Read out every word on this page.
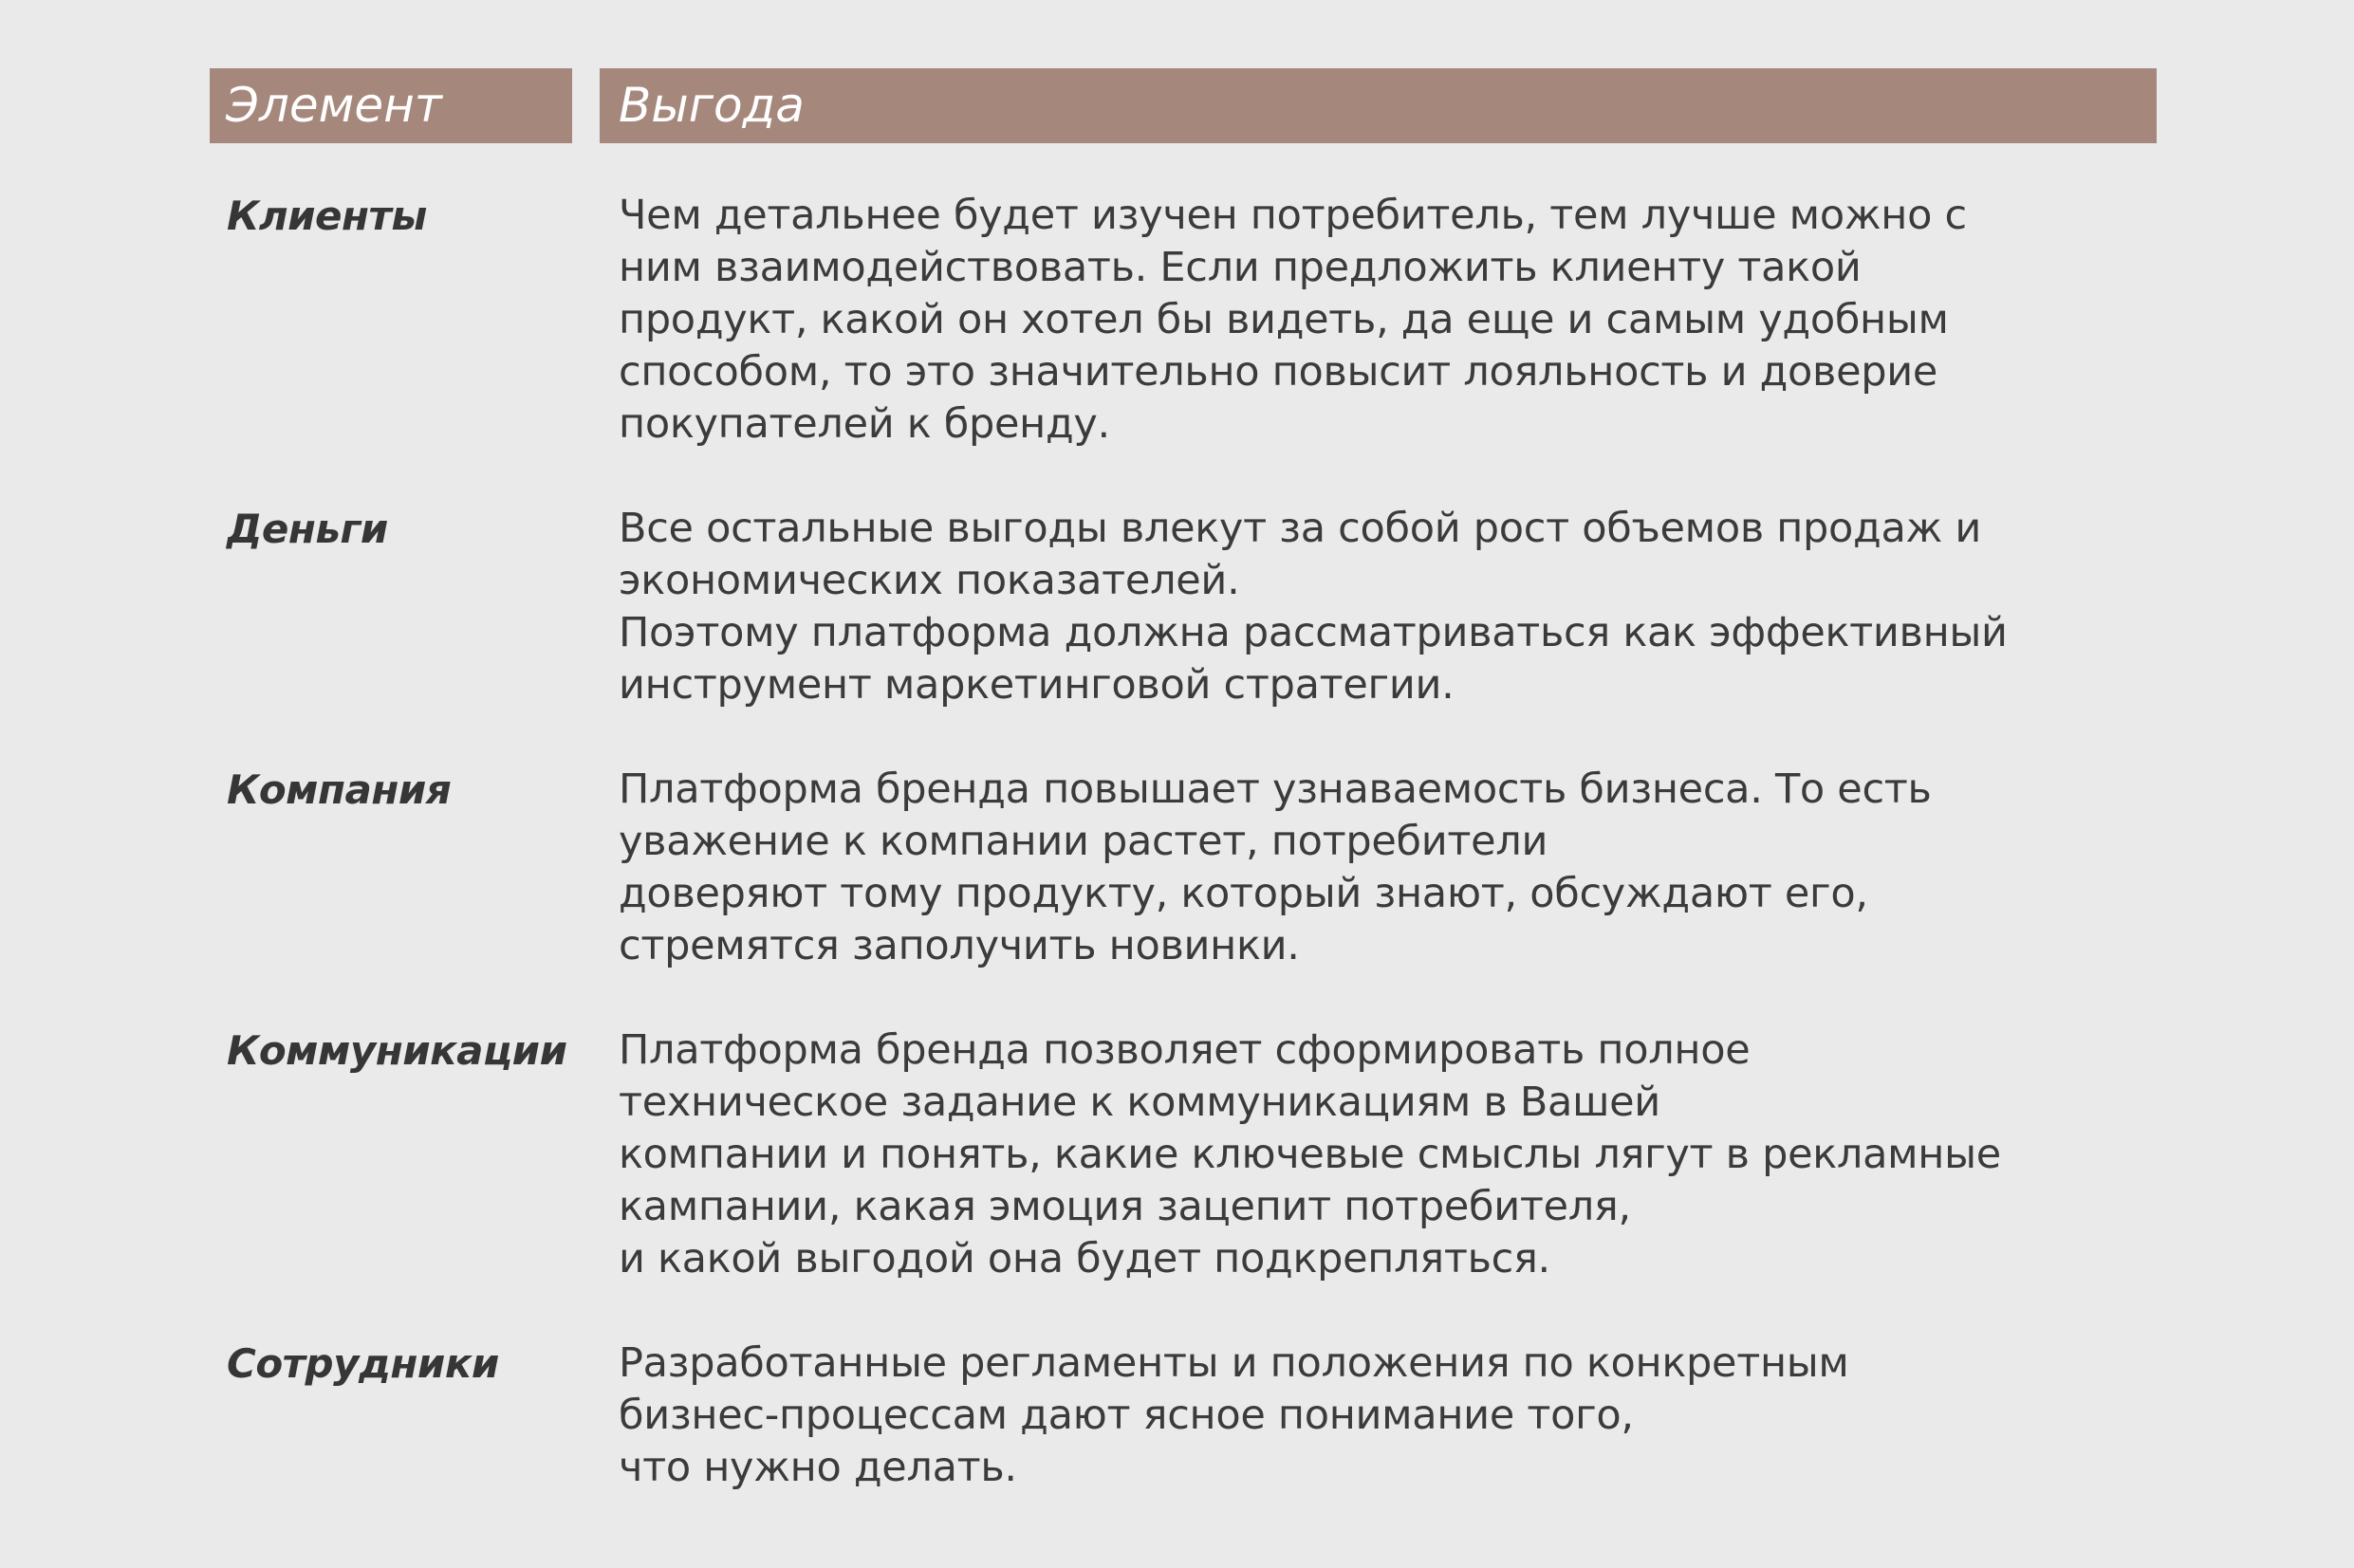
Элемент	Выгода
Клиенты	Чем детальнее будет изучен потребитель, тем лучше можно с
ним взаимодействовать. Если предложить клиенту такой
продукт, какой он хотел бы видеть, да еще и самым удобным
способом, то это значительно повысит лояльность и доверие
покупателей к бренду.
Деньги	Все остальные выгоды влекут за собой рост объемов продаж и
экономических показателей.
Поэтому платформа должна рассматриваться как эффективный
инструмент маркетинговой стратегии.
Компания	Платформа бренда повышает узнаваемость бизнеса. То есть
уважение к компании растет, потребители
доверяют тому продукту, который знают, обсуждают его,
стремятся заполучить новинки.
Коммуникации Платформа бренда позволяет сформировать полное
техническое задание к коммуникациям в Вашей
компании и понять, какие ключевые смыслы лягут в рекламные
кампании, какая эмоция зацепит потребителя,
и какой выгодой она будет подкрепляться.
Сотрудники	Разработанные регламенты и положения по конкретным
бизнес-процессам дают ясное понимание того,
что нужно делать.
